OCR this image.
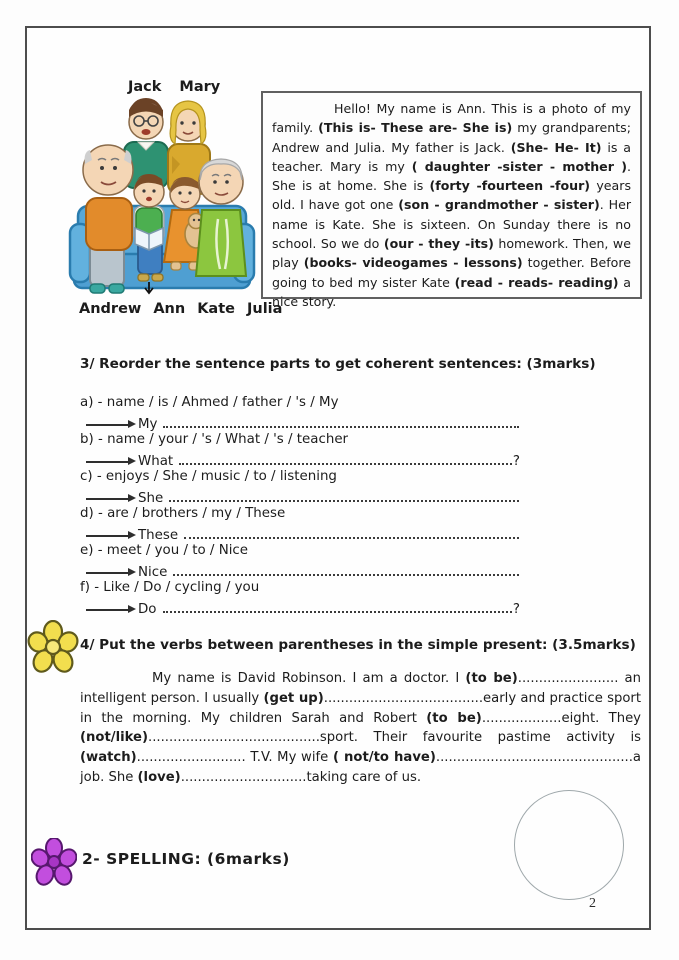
Jack Mary
Andrew Ann Kate Julia
Hello! My name is Ann. This is a photo of my family. (This is- These are- She is) my grandparents; Andrew and Julia. My father is Jack. (She- He- It) is a teacher. Mary is my ( daughter -sister - mother ). She is at home. She is (forty -fourteen -four) years old. I have got one (son - grandmother - sister). Her name is Kate. She is sixteen. On Sunday there is no school. So we do (our - they -its) homework. Then, we play (books- videogames - lessons) together. Before going to bed my sister Kate (read - reads- reading) a nice story.
3/ Reorder the sentence parts to get coherent sentences: (3marks)
a) - name / is / Ahmed / father / 's / My
My
b) - name / your / 's / What / 's / teacher
What	?
c) - enjoys / She / music / to / listening
She
d) - are / brothers / my / These
These
e) - meet / you / to / Nice
Nice
f) - Like / Do / cycling / you
Do	?
4/ Put the verbs between parentheses in the simple present: (3.5marks)
My name is David Robinson. I am a doctor. I (to be)........................ an intelligent person. I usually (get up)......................................early and practice sport in the morning. My children Sarah and Robert (to be)...................eight. They (not/like).........................................sport. Their favourite pastime activity is (watch).......................... T.V. My wife ( not/to have)...............................................a job. She (love)..............................taking care of us.
2- SPELLING: (6marks)
2
